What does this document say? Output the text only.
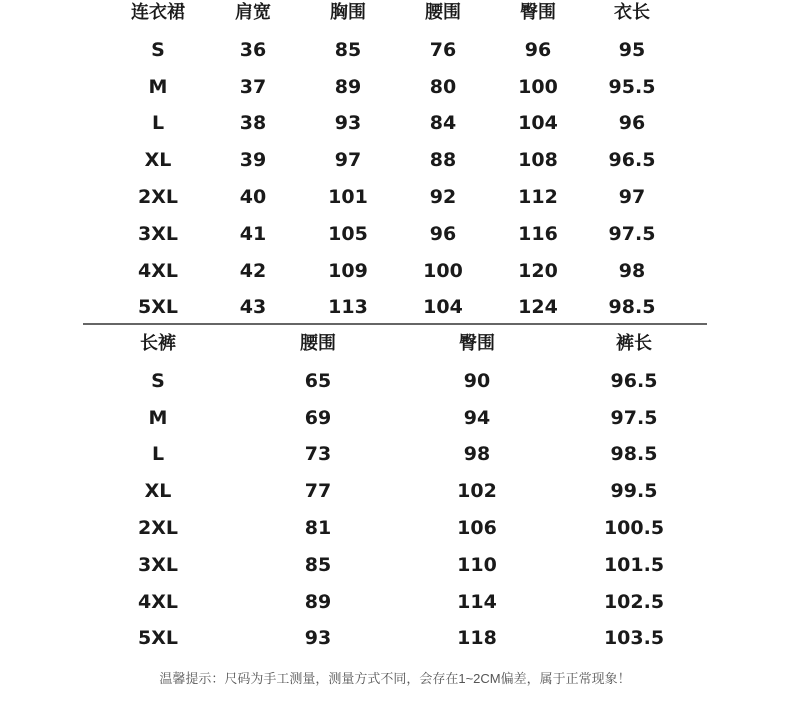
连衣裙	肩宽	胸围	腰围	臀围	衣长
S	36	85	76	96	95
M	37	89	80	100	95.5
L	38	93	84	104	96
XL	39	97	88	108	96.5
2XL	40	101	92	112	97
3XL	41	105	96	116	97.5
4XL	42	109	100	120	98
5XL	43	113	104	124	98.5
长裤	腰围	臀围	裤长
S	65	90	96.5
M	69	94	97.5
L	73	98	98.5
XL	77	102	99.5
2XL	81	106	100.5
3XL	85	110	101.5
4XL	89	114	102.5
5XL	93	118	103.5
温馨提示：尺码为手工测量，测量方式不同，会存在1~2CM偏差，属于正常现象！
